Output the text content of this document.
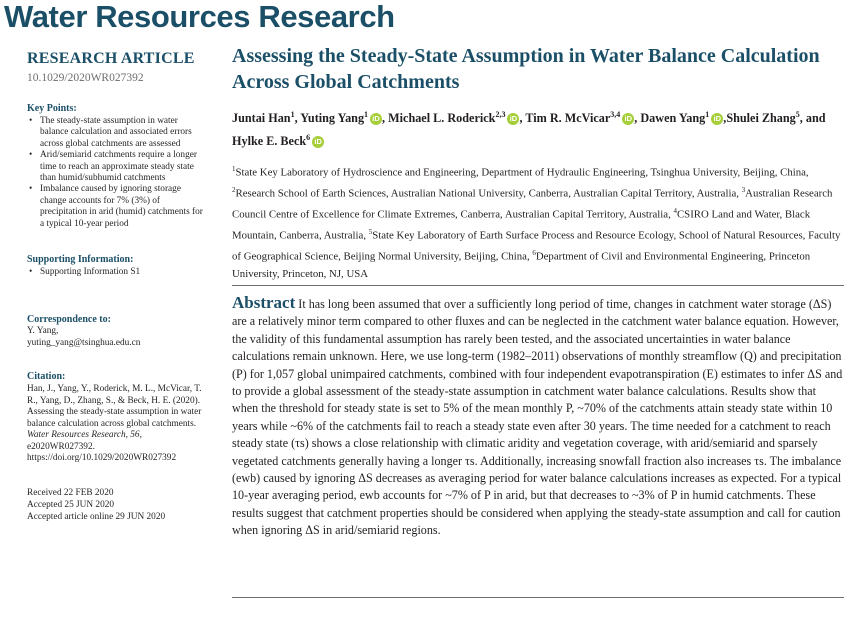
Water Resources Research
RESEARCH ARTICLE
10.1029/2020WR027392
Key Points:
• The steady-state assumption in water balance calculation and associated errors across global catchments are assessed
• Arid/semiarid catchments require a longer time to reach an approximate steady state than humid/subhumid catchments
• Imbalance caused by ignoring storage change accounts for 7% (3%) of precipitation in arid (humid) catchments for a typical 10-year period
Supporting Information:
• Supporting Information S1
Correspondence to:
Y. Yang,
yuting_yang@tsinghua.edu.cn
Citation:
Han, J., Yang, Y., Roderick, M. L., McVicar, T. R., Yang, D., Zhang, S., & Beck, H. E. (2020). Assessing the steady-state assumption in water balance calculation across global catchments. Water Resources Research, 56, e2020WR027392. https://doi.org/10.1029/2020WR027392
Received 22 FEB 2020
Accepted 25 JUN 2020
Accepted article online 29 JUN 2020
Assessing the Steady-State Assumption in Water Balance Calculation Across Global Catchments
Juntai Han$^1$, Yuting Yang$^1$ iD , Michael L. Roderick$^{2,3}$ iD , Tim R. McVicar$^{3,4}$ iD , Dawen Yang$^1$ iD ,Shulei Zhang$^5$, and Hylke E. Beck$^6$ iD
$^1$State Key Laboratory of Hydroscience and Engineering, Department of Hydraulic Engineering, Tsinghua University, Beijing, China, $^2$Research School of Earth Sciences, Australian National University, Canberra, Australian Capital Territory, Australia, $^3$Australian Research Council Centre of Excellence for Climate Extremes, Canberra, Australian Capital Territory, Australia, $^4$CSIRO Land and Water, Black Mountain, Canberra, Australia, $^5$State Key Laboratory of Earth Surface Process and Resource Ecology, School of Natural Resources, Faculty of Geographical Science, Beijing Normal University, Beijing, China, $^6$Department of Civil and Environmental Engineering, Princeton University, Princeton, NJ, USA

Abstract It has long been assumed that over a sufficiently long period of time, changes in catchment water storage (ΔS) are a relatively minor term compared to other fluxes and can be neglected in the catchment water balance equation. However, the validity of this fundamental assumption has rarely been tested, and the associated uncertainties in water balance calculations remain unknown. Here, we use long-term (1982–2011) observations of monthly streamflow (Q) and precipitation (P) for 1,057 global unimpaired catchments, combined with four independent evapotranspiration (E) estimates to infer ΔS and to provide a global assessment of the steady-state assumption in catchment water balance calculations. Results show that when the threshold for steady state is set to 5% of the mean monthly P, ~70% of the catchments attain steady state within 10 years while ~6% of the catchments fail to reach a steady state even after 30 years. The time needed for a catchment to reach steady state (τs) shows a close relationship with climatic aridity and vegetation coverage, with arid/semiarid and sparsely vegetated catchments generally having a longer τs. Additionally, increasing snowfall fraction also increases τs. The imbalance (ewb) caused by ignoring ΔS decreases as averaging period for water balance calculations increases as expected. For a typical 10-year averaging period, ewb accounts for ~7% of P in arid, but that decreases to ~3% of P in humid catchments. These results suggest that catchment properties should be considered when applying the steady-state assumption and call for caution when ignoring ΔS in arid/semiarid regions.
